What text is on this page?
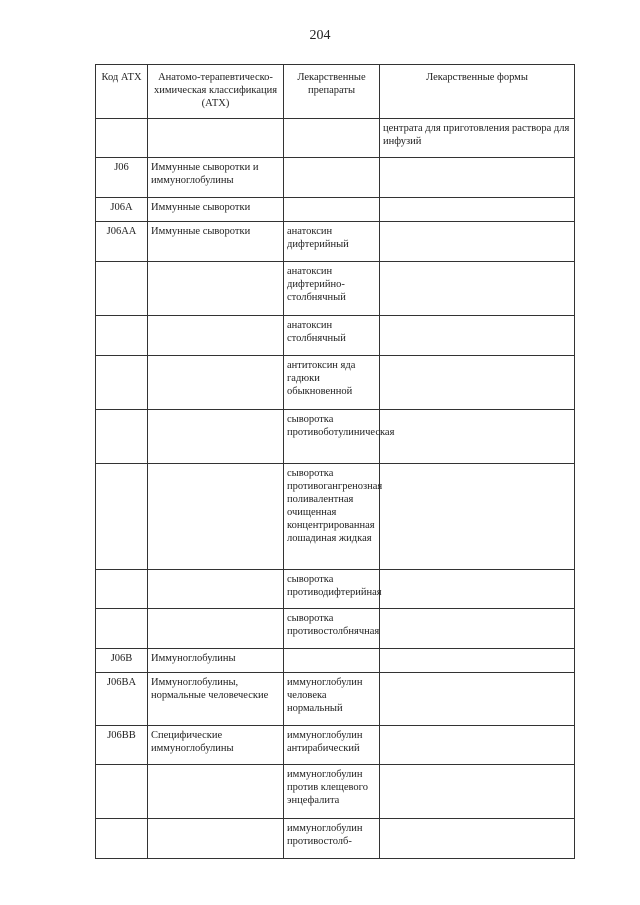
204
Код АТХ	Анатомо-терапевтическо-химическая классификация (АТХ)	Лекарственные препараты	Лекарственные формы
			центрата для приготовления раствора для инфузий
J06	Иммунные сыворотки и иммуноглобулины		
J06A	Иммунные сыворотки		
J06AA	Иммунные сыворотки	анатоксин дифтерийный	
		анатоксин дифтерийно-столбнячный	
		анатоксин столбнячный	
		антитоксин яда гадюки обыкновенной	
		сыворотка противоботулиническая	
		сыворотка противогангренозная поливалентная очищенная концентрированная лошадиная жидкая	
		сыворотка противодифтерийная	
		сыворотка противостолбнячная	
J06B	Иммуноглобулины		
J06BA	Иммуноглобулины, нормальные человеческие	иммуноглобулин человека нормальный	
J06BB	Специфические иммуноглобулины	иммуноглобулин антирабический	
		иммуноглобулин против клещевого энцефалита	
		иммуноглобулин противостолб-	
